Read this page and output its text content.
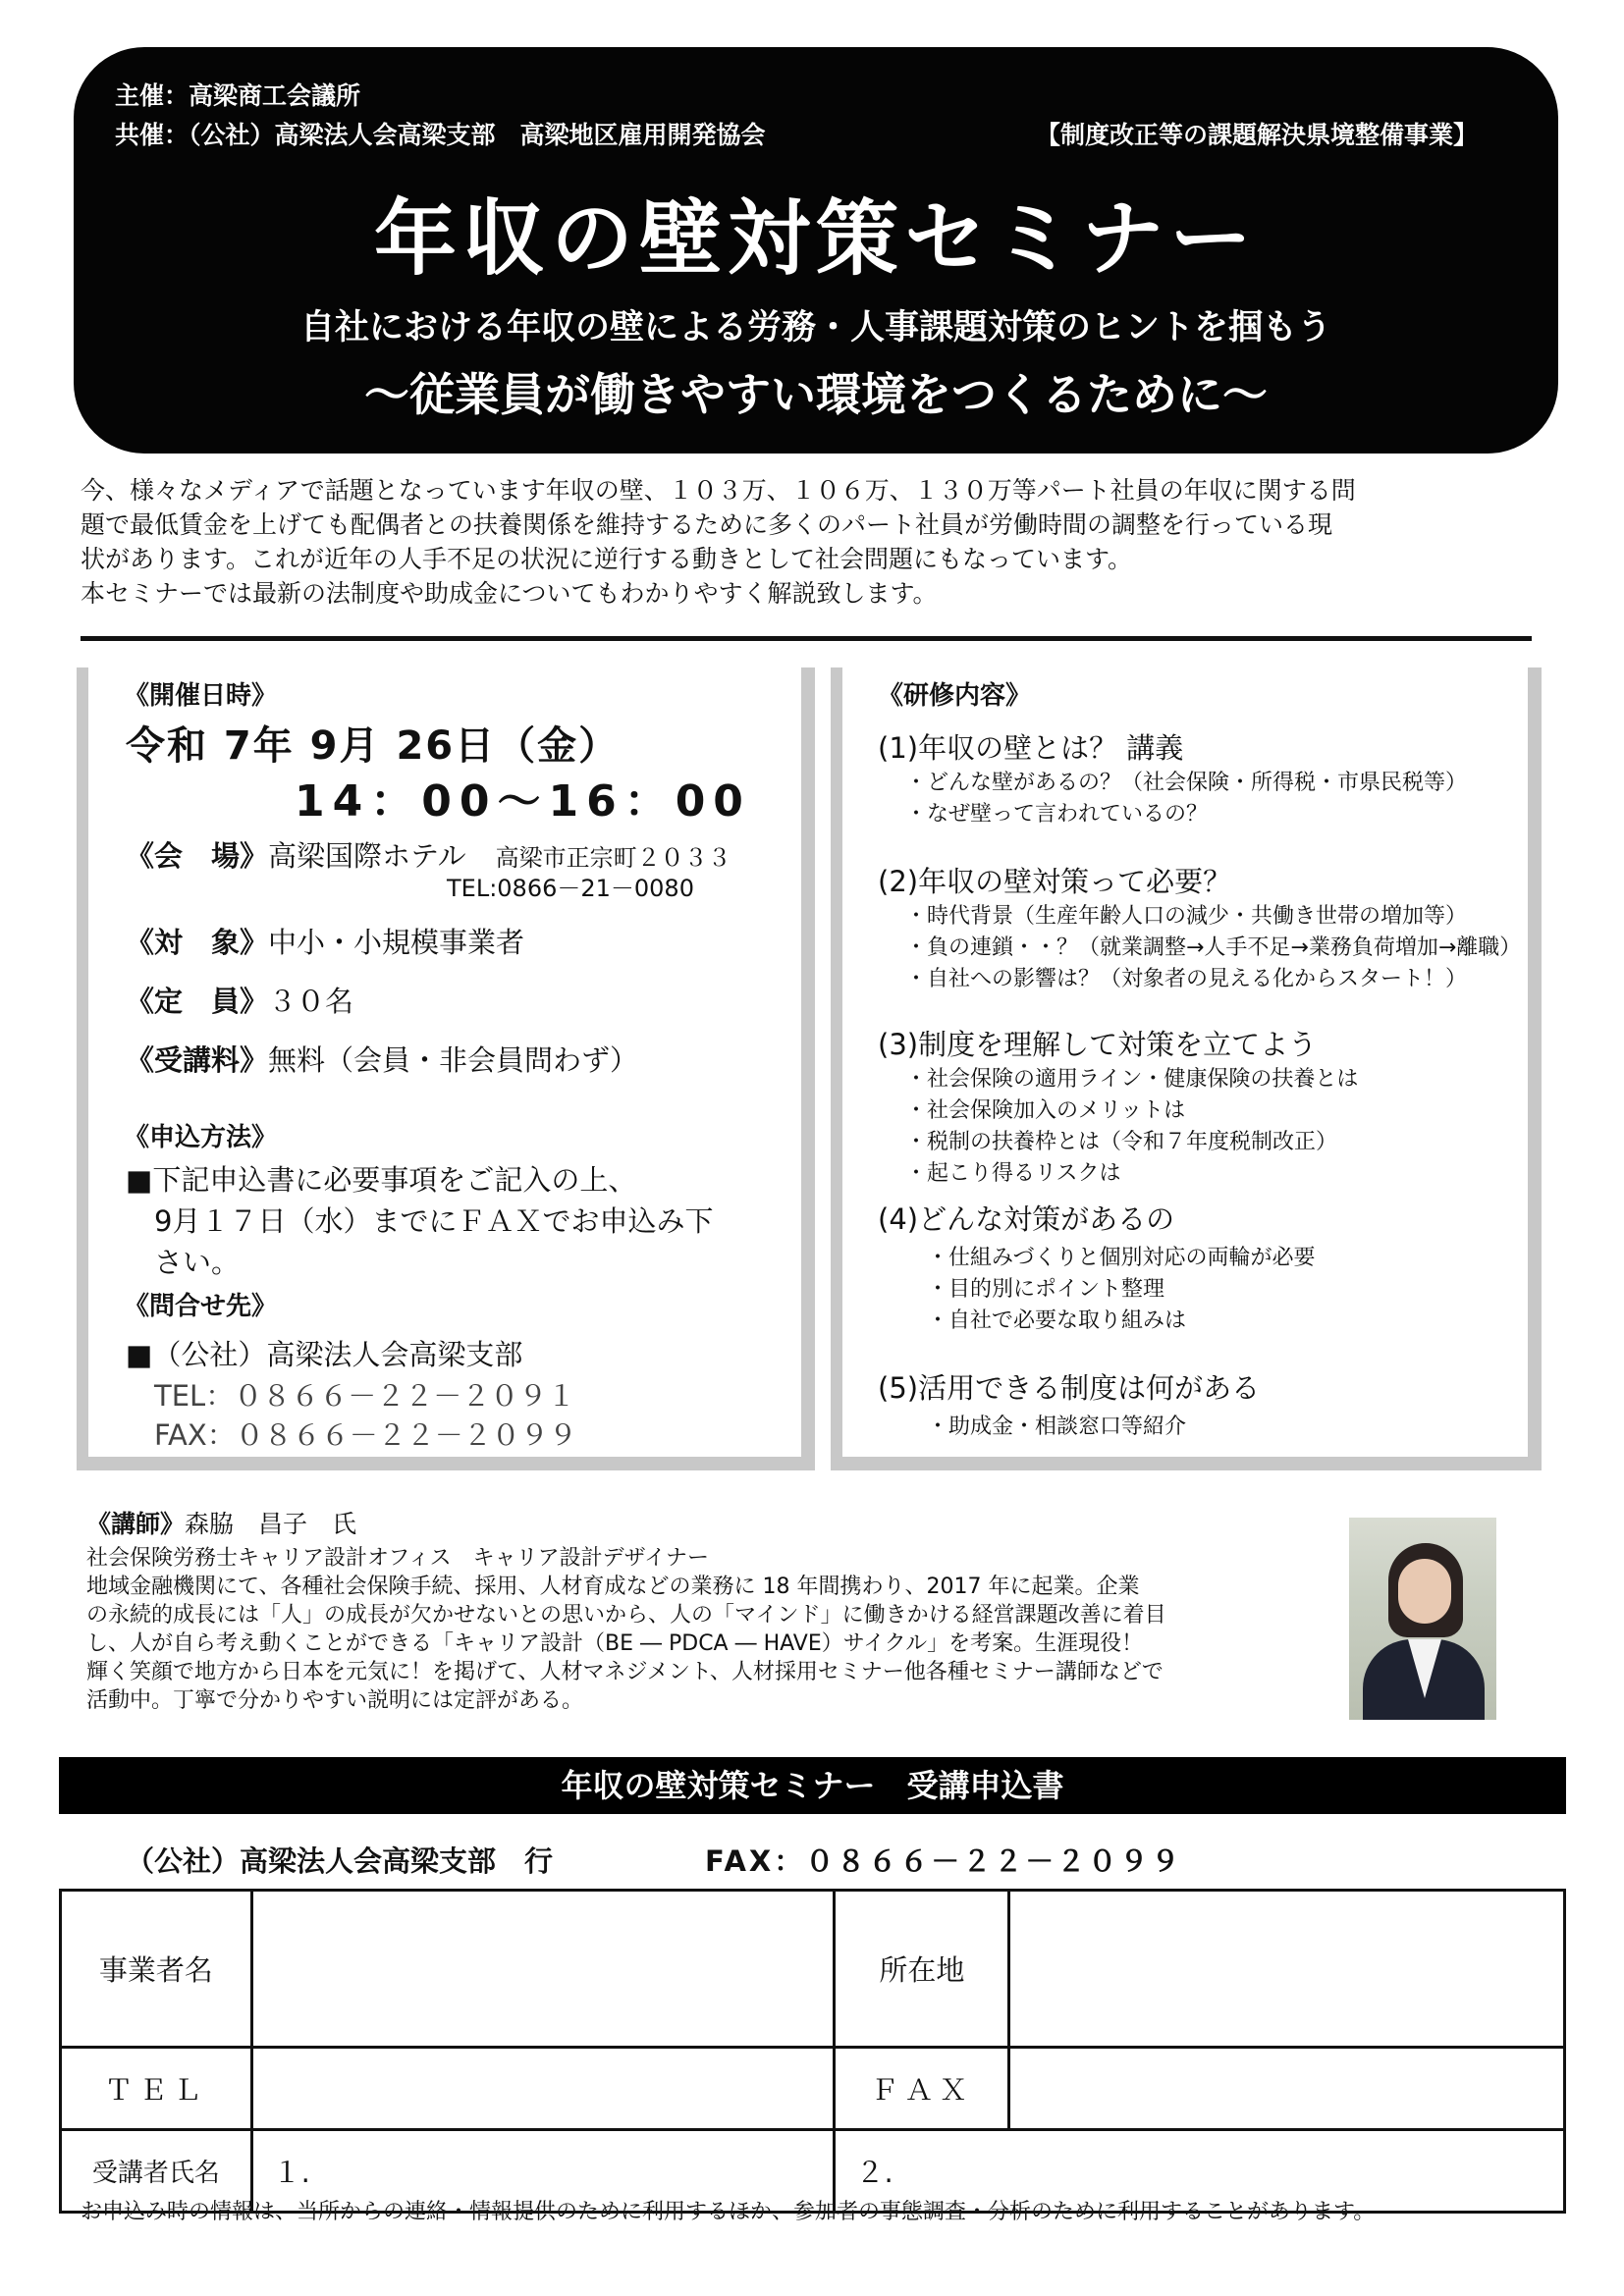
主催：高梁商工会議所
共催：（公社）高梁法人会高梁支部　高梁地区雇用開発協会	【制度改正等の課題解決県境整備事業】
年収の壁対策セミナー
自社における年収の壁による労務・人事課題対策のヒントを掴もう
～従業員が働きやすい環境をつくるために～

今、様々なメディアで話題となっています年収の壁、１０３万、１０６万、１３０万等パート社員の年収に関する問

題で最低賃金を上げても配偶者との扶養関係を維持するために多くのパート社員が労働時間の調整を行っている現

状があります。これが近年の人手不足の状況に逆行する動きとして社会問題にもなっています。

本セミナーでは最新の法制度や助成金についてもわかりやすく解説致します。

《開催日時》
令和 7年 9月 26日（金）
14：00～16：00
《会　場》高梁国際ホテル 高梁市正宗町２０３３
TEL:0866－21－0080
《対　象》中小・小規模事業者
《定　員》３０名
《受講料》無料（会員・非会員問わず）
《申込方法》
■下記申込書に必要事項をご記入の上、
　9月１７日（水）までにＦＡＸでお申込み下
　さい。
《問合せ先》
■（公社）高梁法人会高梁支部
　TEL：０８６６－２２－２０９１
　FAX：０８６６－２２－２０９９
《研修内容》
(1)年収の壁とは？ 講義
・どんな壁があるの？（社会保険・所得税・市県民税等）
・なぜ壁って言われているの？
(2)年収の壁対策って必要？
・時代背景（生産年齢人口の減少・共働き世帯の増加等）
・負の連鎖・・？（就業調整→人手不足→業務負荷増加→離職）
・自社への影響は？（対象者の見える化からスタート！）
(3)制度を理解して対策を立てよう
・社会保険の適用ライン・健康保険の扶養とは
・社会保険加入のメリットは
・税制の扶養枠とは（令和７年度税制改正）
・起こり得るリスクは
(4)どんな対策があるの
・仕組みづくりと個別対応の両輪が必要
・目的別にポイント整理
・自社で必要な取り組みは
(5)活用できる制度は何がある
・助成金・相談窓口等紹介
《講師》森脇　昌子　氏

社会保険労務士キャリア設計オフィス　キャリア設計デザイナー

地域金融機関にて、各種社会保険手続、採用、人材育成などの業務に 18 年間携わり、2017 年に起業。企業

の永続的成長には「人」の成長が欠かせないとの思いから、人の「マインド」に働きかける経営課題改善に着目

し、人が自ら考え動くことができる「キャリア設計（BE ― PDCA ― HAVE）サイクル」を考案。生涯現役！

輝く笑顔で地方から日本を元気に！を掲げて、人材マネジメント、人材採用セミナー他各種セミナー講師などで

活動中。丁寧で分かりやすい説明には定評がある。

年収の壁対策セミナー　受講申込書
（公社）高梁法人会高梁支部　行	FAX：０８６６－２２－２０９９
事業者名		所在地	
ＴＥＬ		ＦＡＸ	
受講者氏名	１.	２.	
お申込み時の情報は、当所からの連絡・情報提供のために利用するほか、参加者の事態調査・分析のために利用することがあります。
